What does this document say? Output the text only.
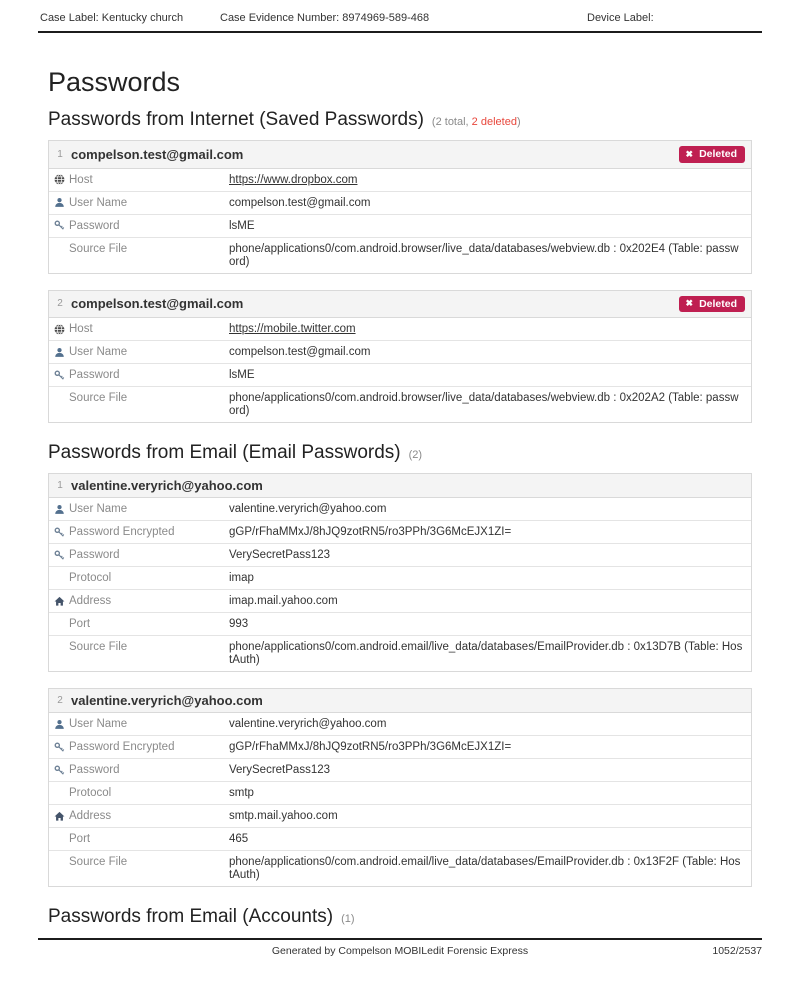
Case Label: Kentucky church	Case Evidence Number: 8974969-589-468	Device Label:
Passwords
Passwords from Internet (Saved Passwords) (2 total, 2 deleted)
1 compelson.test@gmail.com	✖ Deleted
Host	https://www.dropbox.com
User Name	compelson.test@gmail.com
Password	lsME
Source File	phone/applications0/com.android.browser/live_data/databases/webview.db : 0x202E4 (Table: password)
2 compelson.test@gmail.com	✖ Deleted
Host	https://mobile.twitter.com
User Name	compelson.test@gmail.com
Password	lsME
Source File	phone/applications0/com.android.browser/live_data/databases/webview.db : 0x202A2 (Table: password)
Passwords from Email (Email Passwords) (2)
1 valentine.veryrich@yahoo.com
User Name	valentine.veryrich@yahoo.com
Password Encrypted	gGP/rFhaMMxJ/8hJQ9zotRN5/ro3PPh/3G6McEJX1ZI=
Password	VerySecretPass123
Protocol	imap
Address	imap.mail.yahoo.com
Port	993
Source File	phone/applications0/com.android.email/live_data/databases/EmailProvider.db : 0x13D7B (Table: HostAuth)
2 valentine.veryrich@yahoo.com
User Name	valentine.veryrich@yahoo.com
Password Encrypted	gGP/rFhaMMxJ/8hJQ9zotRN5/ro3PPh/3G6McEJX1ZI=
Password	VerySecretPass123
Protocol	smtp
Address	smtp.mail.yahoo.com
Port	465
Source File	phone/applications0/com.android.email/live_data/databases/EmailProvider.db : 0x13F2F (Table: HostAuth)
Passwords from Email (Accounts) (1)
Generated by Compelson MOBILedit Forensic Express	1052/2537
